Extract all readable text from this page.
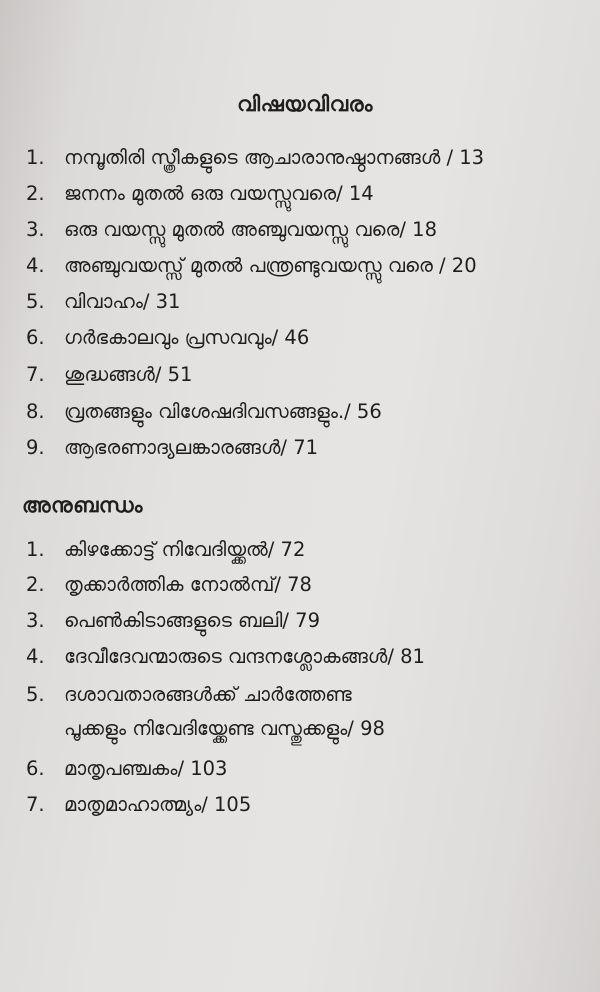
വിഷയവിവരം
1. നമ്പൂതിരി സ്ത്രീകളുടെ ആചാരാനുഷ്ഠാനങ്ങൾ / 13
2. ജനനം മുതൽ ഒരു വയസ്സുവരെ/ 14
3. ഒരു വയസ്സു മുതൽ അഞ്ചുവയസ്സു വരെ/ 18
4. അഞ്ചുവയസ്സ് മുതൽ പന്ത്രണ്ടുവയസ്സു വരെ / 20
5. വിവാഹം/ 31
6. ഗർഭകാലവും പ്രസവവും/ 46
7. ശുദ്ധങ്ങൾ/ 51
8. വ്രതങ്ങളും വിശേഷദിവസങ്ങളും./ 56
9. ആഭരണാദ്യലങ്കാരങ്ങൾ/ 71
അനുബന്ധം
1. കിഴക്കോട്ട് നിവേദിയ്ക്കൽ/ 72
2. തൃക്കാർത്തിക നോൽമ്പ്/ 78
3. പെൺകിടാങ്ങളുടെ ബലി/ 79
4. ദേവീദേവന്മാരുടെ വന്ദനശ്ലോകങ്ങൾ/ 81
5. ദശാവതാരങ്ങൾക്ക് ചാർത്തേണ്ട
പൂക്കളും നിവേദിയ്ക്കേണ്ട വസ്തുക്കളും/ 98
6. മാതൃപഞ്ചകം/ 103
7. മാതൃമാഹാത്മ്യം/ 105
